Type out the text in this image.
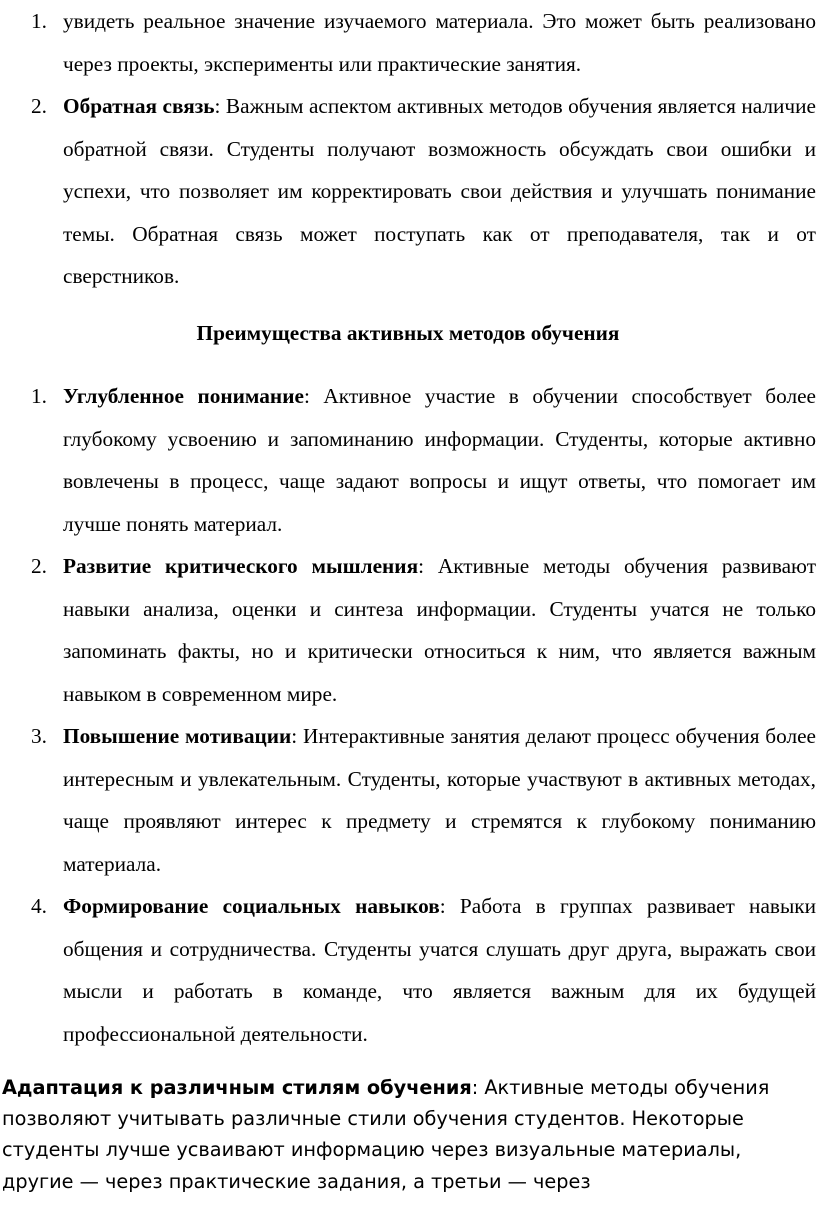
1. увидеть реальное значение изучаемого материала. Это может быть реализовано через проекты, эксперименты или практические занятия.

2. Обратная связь: Важным аспектом активных методов обучения является наличие обратной связи. Студенты получают возможность обсуждать свои ошибки и успехи, что позволяет им корректировать свои действия и улучшать понимание темы. Обратная связь может поступать как от преподавателя, так и от сверстников.

Преимущества активных методов обучения

1. Углубленное понимание: Активное участие в обучении способствует более глубокому усвоению и запоминанию информации. Студенты, которые активно вовлечены в процесс, чаще задают вопросы и ищут ответы, что помогает им лучше понять материал.

2. Развитие критического мышления: Активные методы обучения развивают навыки анализа, оценки и синтеза информации. Студенты учатся не только запоминать факты, но и критически относиться к ним, что является важным навыком в современном мире.

3. Повышение мотивации: Интерактивные занятия делают процесс обучения более интересным и увлекательным. Студенты, которые участвуют в активных методах, чаще проявляют интерес к предмету и стремятся к глубокому пониманию материала.

4. Формирование социальных навыков: Работа в группах развивает навыки общения и сотрудничества. Студенты учатся слушать друг друга, выражать свои мысли и работать в команде, что является важным для их будущей профессиональной деятельности.

Адаптация к различным стилям обучения: Активные методы обучения позволяют учитывать различные стили обучения студентов. Некоторые студенты лучше усваивают информацию через визуальные материалы, другие — через практические задания, а третьи — через
